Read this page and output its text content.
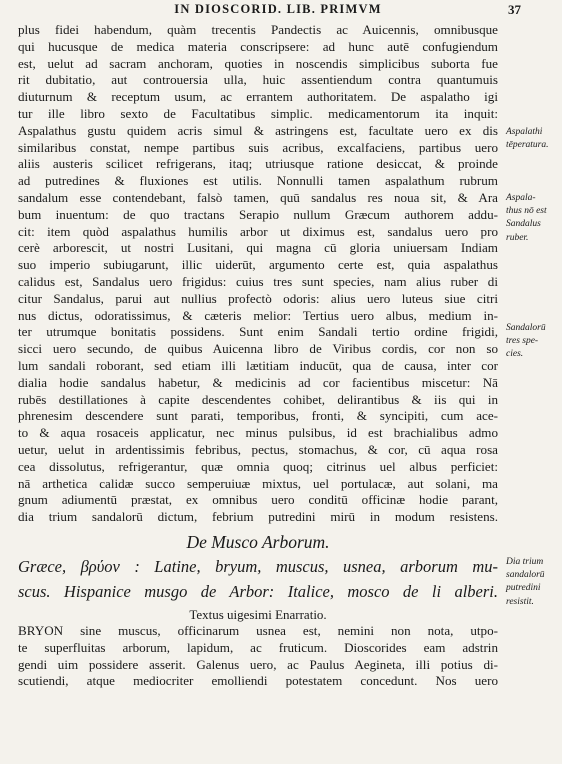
IN DIOSCORID. LIB. PRIMVM	37
plus fidei habendum, quàm trecentis Pandectis ac Auicennis, omnibusque
qui hucusque de medica materia conscripsere: ad hunc autē confugiendum
est, uelut ad sacram anchoram, quoties in noscendis simplicibus suborta fue
rit dubitatio, aut controuersia ulla, huic assentiendum contra quantumuis
diuturnum & receptum usum, ac errantem authoritatem. De aspalatho igi
tur ille libro sexto de Facultatibus simplic. medicamentorum ita inquit:
Aspalathus gustu quidem acris simul & astringens est, facultate uero ex dis
similaribus constat, nempe partibus suis acribus, excalfaciens, partibus uero
aliis austeris scilicet refrigerans, itaq; utriusque ratione desiccat, & proinde
ad putredines & fluxiones est utilis. Nonnulli tamen aspalathum rubrum
sandalum esse contendebant, falsò tamen, quū sandalus res noua sit, & Ara
bum inuentum: de quo tractans Serapio nullum Græcum authorem addu-
cit: item quòd aspalathus humilis arbor ut diximus est, sandalus uero pro
cerè arborescit, ut nostri Lusitani, qui magna cū gloria uniuersam Indiam
suo imperio subiugarunt, illic uiderūt, argumento certe est, quia aspalathus
calidus est, Sandalus uero frigidus: cuius tres sunt species, nam alius ruber di
citur Sandalus, parui aut nullius profectò odoris: alius uero luteus siue citri
nus dictus, odoratissimus, & cæteris melior: Tertius uero albus, medium in-
ter utrumque bonitatis possidens. Sunt enim Sandali tertio ordine frigidi,
sicci uero secundo, de quibus Auicenna libro de Viribus cordis, cor non so
lum sandali roborant, sed etiam illi lætitiam inducūt, qua de causa, inter cor
dialia hodie sandalus habetur, & medicinis ad cor facientibus miscetur: Nā
rubēs destillationes à capite descendentes cohibet, delirantibus & iis qui in
phrenesim descendere sunt parati, temporibus, fronti, & syncipiti, cum ace-
to & aqua rosaceis applicatur, nec minus pulsibus, id est brachialibus admo
uetur, uelut in ardentissimis febribus, pectus, stomachus, & cor, cū aqua rosa
cea dissolutus, refrigerantur, quæ omnia quoq; citrinus uel albus perficiet:
nā arthetica calidæ succo semperuiuæ mixtus, uel portulacæ, aut solani, ma
gnum adiumentū præstat, ex omnibus uero conditū officinæ hodie parant,
dia trium sandalorū dictum, febrium putredini mirū in modum resistens.
De Musco Arborum.
Græce, βρύον : Latine, bryum, muscus, usnea, arborum mu-
scus. Hispanice musgo de Arbor: Italice, mosco de li alberi.
Textus uigesimi Enarratio.
BRYON sine muscus, officinarum usnea est, nemini non nota, utpo-
te superfluitas arborum, lapidum, ac fruticum. Dioscorides eam adstrin
gendi uim possidere asserit. Galenus uero, ac Paulus Aegineta, illi potius di-
scutiendi, atque mediocriter emolliendi potestatem concedunt. Nos uero
Aspalathi
tēperatura.
Aspala-
thus nō est
Sandalus
ruber.
Sandalorū
tres spe-
cies.
Dia trium
sandalorū
putredini
resistit.
